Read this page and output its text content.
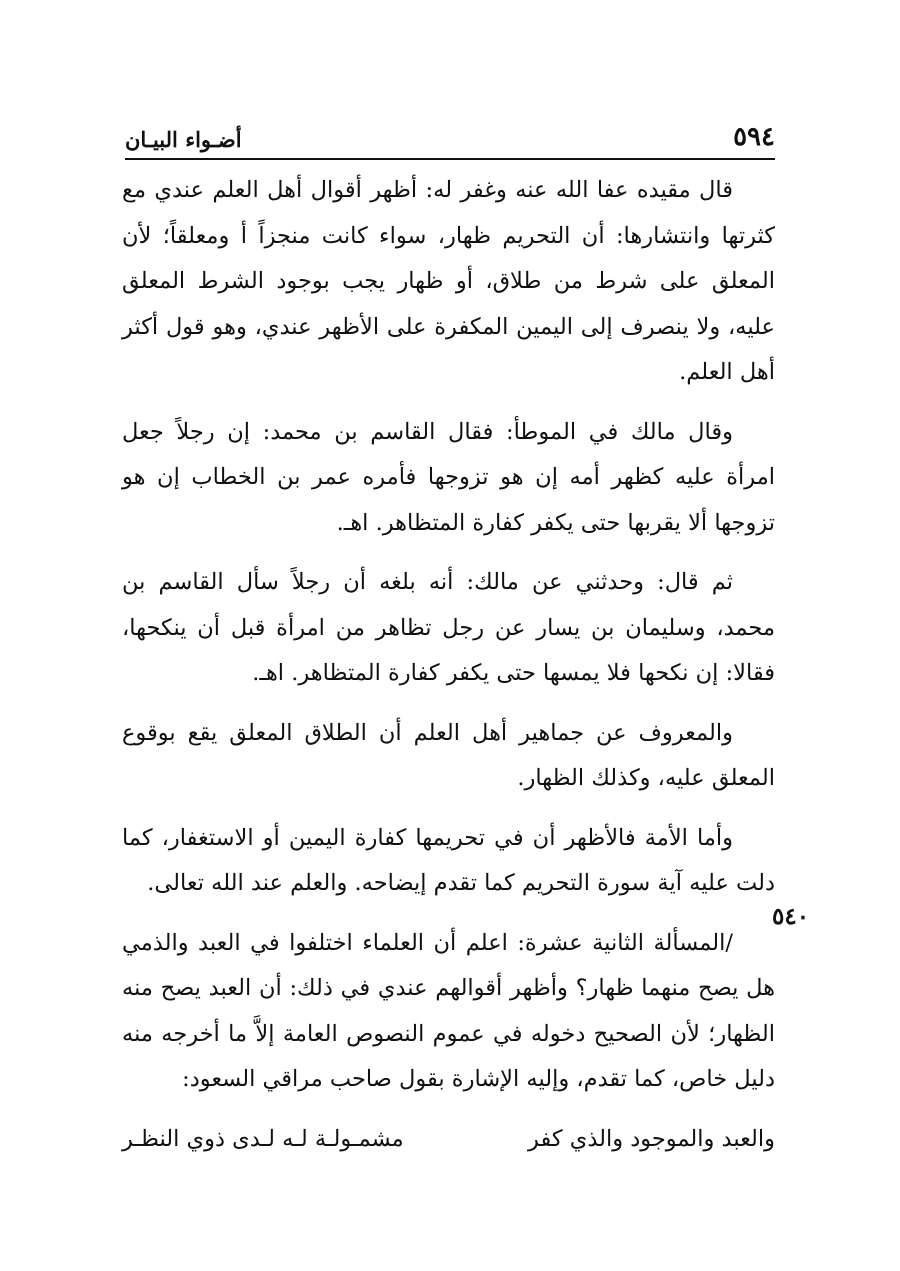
٥٩٤
أضـواء البيـان
٥٤٠

قال مقيده عفا الله عنه وغفر له: أظهر أقوال أهل العلم عندي مع كثرتها وانتشارها: أن التحريم ظهار، سواء كانت منجزاً أ ومعلقاً؛ لأن المعلق على شرط من طلاق، أو ظهار يجب بوجود الشرط المعلق عليه، ولا ينصرف إلى اليمين المكفرة على الأظهر عندي، وهو قول أكثر أهل العلم.

وقال مالك في الموطأ: فقال القاسم بن محمد: إن رجلاً جعل امرأة عليه كظهر أمه إن هو تزوجها فأمره عمر بن الخطاب إن هو تزوجها ألا يقربها حتى يكفر كفارة المتظاهر. اهـ.

ثم قال: وحدثني عن مالك: أنه بلغه أن رجلاً سأل القاسم بن محمد، وسليمان بن يسار عن رجل تظاهر من امرأة قبل أن ينكحها، فقالا: إن نكحها فلا يمسها حتى يكفر كفارة المتظاهر. اهـ.

والمعروف عن جماهير أهل العلم أن الطلاق المعلق يقع بوقوع المعلق عليه، وكذلك الظهار.

وأما الأمة فالأظهر أن في تحريمها كفارة اليمين أو الاستغفار، كما دلت عليه آية سورة التحريم كما تقدم إيضاحه. والعلم عند الله تعالى.

/المسألة الثانية عشرة: اعلم أن العلماء اختلفوا في العبد والذمي هل يصح منهما ظهار؟ وأظهر أقوالهم عندي في ذلك: أن العبد يصح منه الظهار؛ لأن الصحيح دخوله في عموم النصوص العامة إلاَّ ما أخرجه منه دليل خاص، كما تقدم، وإليه الإشارة بقول صاحب مراقي السعود:

والعبد والموجود والذي كفر
مشمـولـة لـه لـدى ذوي النظـر
